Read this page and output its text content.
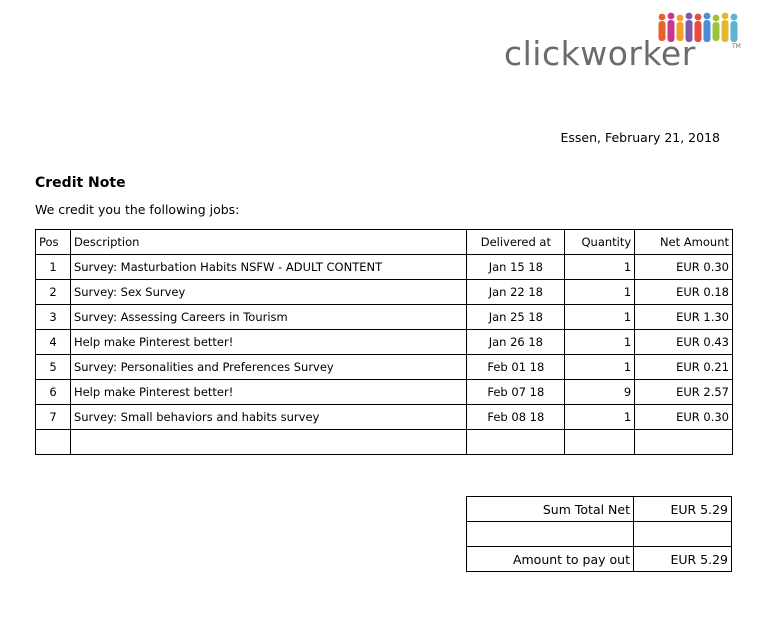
clickworker	TM
Essen, February 21, 2018
Credit Note
We credit you the following jobs:
Pos	Description	Delivered at	Quantity	Net Amount
1	Survey: Masturbation Habits NSFW - ADULT CONTENT	Jan 15 18	1	EUR 0.30
2	Survey: Sex Survey	Jan 22 18	1	EUR 0.18
3	Survey: Assessing Careers in Tourism	Jan 25 18	1	EUR 1.30
4	Help make Pinterest better!	Jan 26 18	1	EUR 0.43
5	Survey: Personalities and Preferences Survey	Feb 01 18	1	EUR 0.21
6	Help make Pinterest better!	Feb 07 18	9	EUR 2.57
7	Survey: Small behaviors and habits survey	Feb 08 18	1	EUR 0.30

Sum Total Net	EUR 5.29

Amount to pay out	EUR 5.29
